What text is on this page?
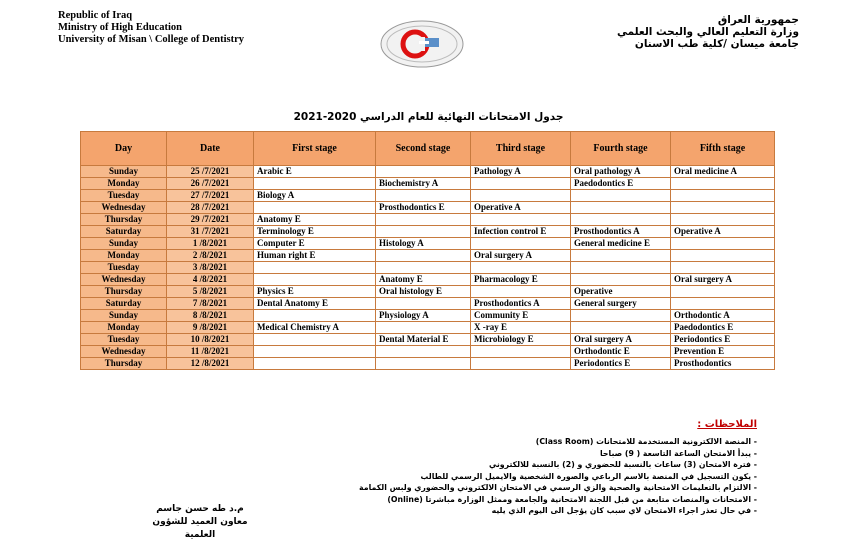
Republic of Iraq
Ministry of High Education
University of Misan \ College of Dentistry
جمهورية العراق
وزارة التعليم العالي والبحث العلمي
جامعة ميسان /كلية طب الاسنان
جدول الامتحانات النهائية للعام الدراسي 2020-2021
Day	Date	First stage	Second stage	Third stage	Fourth stage	Fifth stage
Sunday	25 /7/2021	Arabic E		Pathology A	Oral pathology A	Oral medicine A
Monday	26 /7/2021		Biochemistry A		Paedodontics E	
Tuesday	27 /7/2021	Biology A				
Wednesday	28 /7/2021		Prosthodontics E	Operative A		
Thursday	29 /7/2021	Anatomy E				
Saturday	31 /7/2021	Terminology E		Infection control E	Prosthodontics A	Operative A
Sunday	1 /8/2021	Computer E	Histology A		General medicine E	
Monday	2 /8/2021	Human right E		Oral surgery A		
Tuesday	3 /8/2021					
Wednesday	4 /8/2021		Anatomy E	Pharmacology E		Oral surgery A
Thursday	5 /8/2021	Physics E	Oral histology E		Operative	
Saturday	7 /8/2021	Dental Anatomy E		Prosthodontics A	General surgery	
Sunday	8 /8/2021		Physiology A	Community E		Orthodontic A
Monday	9 /8/2021	Medical Chemistry A		X -ray E		Paedodontics E
Tuesday	10 /8/2021		Dental Material E	Microbiology E	Oral surgery A	Periodontics E
Wednesday	11 /8/2021				Orthodontic E	Prevention E
Thursday	12 /8/2021				Periodontics E	Prosthodontics
الملاحظات :
- المنصة الالكترونية المستخدمة للامتحانات (Class Room)
- يبدأ الامتحان الساعة التاسعة ( 9) صباحا
- فترة الامتحان (3) ساعات بالنسبة للحضوري و (2) بالنسبة للالكتروني
- يكون التسجيل في المنصة بالاسم الرباعي والصورة الشخصية والايميل الرسمي للطالب
- الالتزام بالتعليمات الامتحانية والصحية والزي الرسمي في الامتحان الالكتروني والحضوري ولبس الكمامة
- الامتحانات والمنصات متابعة من قبل اللجنة الامتحانية والجامعة وممثل الوزارة مباشرتا (Online)
- في حال تعذر اجراء الامتحان لاي سبب كان يؤجل الى اليوم الذي يليه
م.د طه حسن جاسم
معاون العميد للشؤون العلمية
